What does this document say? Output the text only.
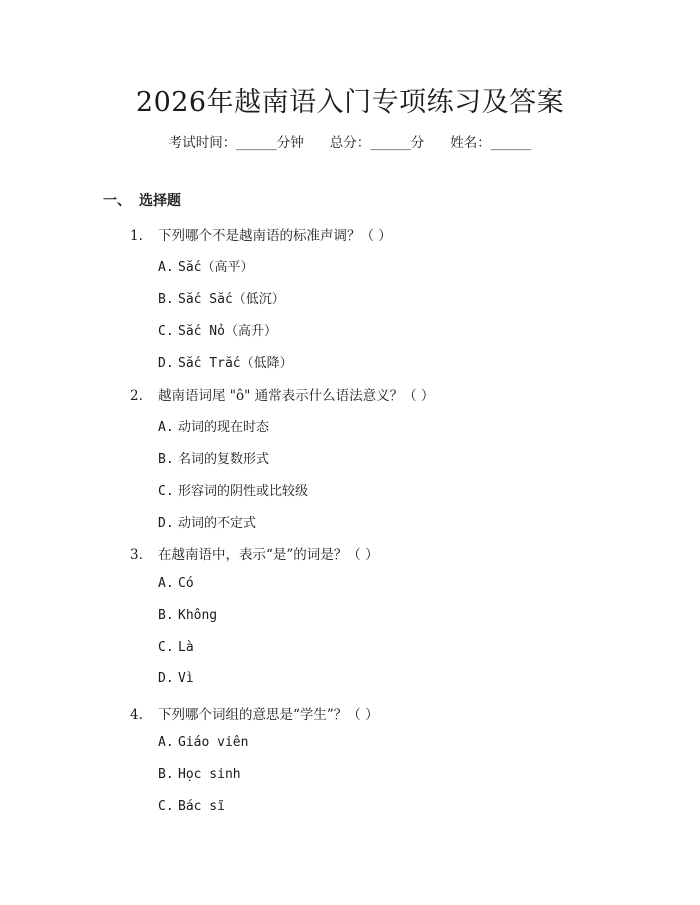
2026年越南语入门专项练习及答案
考试时间：______分钟 总分：______分 姓名：______
一、 选择题
1. 下列哪个不是越南语的标准声调？（ ）
A. Sắc（高平）
B. Sắc Sắc（低沉）
C. Sắc Nỏ（高升）
D. Sắc Trắc（低降）
2. 越南语词尾 "ô" 通常表示什么语法意义？（ ）
A. 动词的现在时态
B. 名词的复数形式
C. 形容词的阴性或比较级
D. 动词的不定式
3. 在越南语中，表示“是”的词是？（ ）
A. Có
B. Không
C. Là
D. Vì
4. 下列哪个词组的意思是“学生”？（ ）
A. Giáo viên
B. Học sinh
C. Bác sĩ
